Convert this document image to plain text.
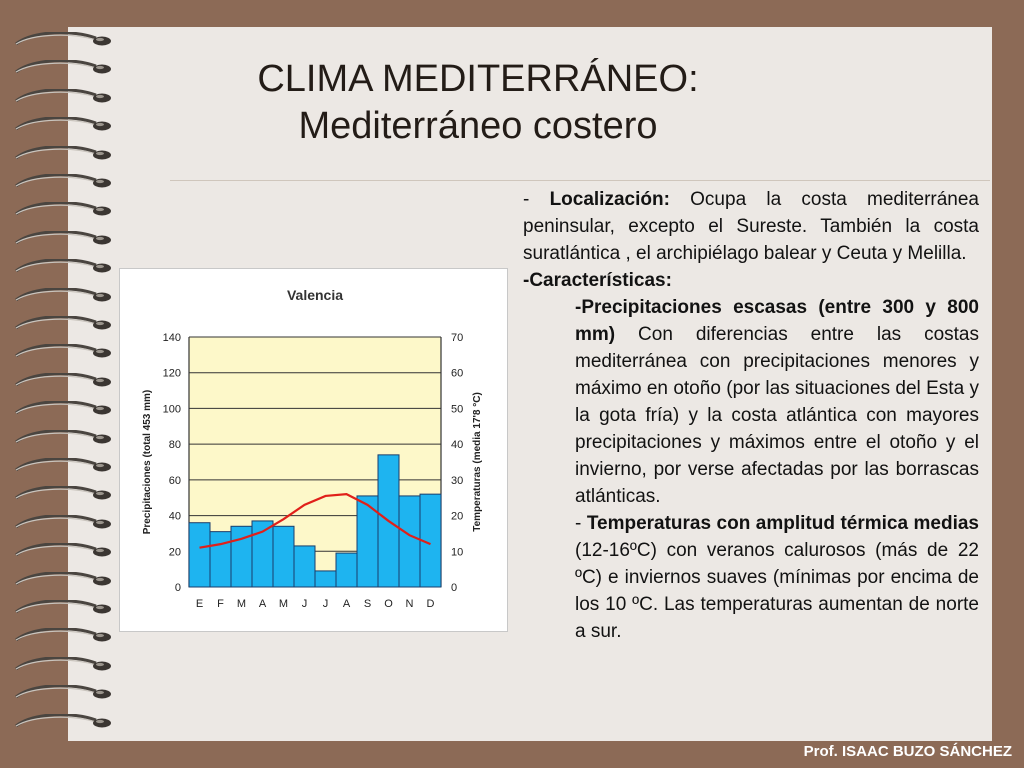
CLIMA MEDITERRÁNEO:
Mediterráneo costero
0
20
40
60
80
100
120
140
0
10
20
30
40
50
60
70
E F M A M J J A S O N D
Valencia
Precipitaciones (total 453 mm)	Temperaturas (media 17'8 °C)

- Localización: Ocupa la costa mediterránea peninsular, excepto el Sureste. También la costa suratlántica , el archipiélago balear y Ceuta y Melilla.

-Características:

-Precipitaciones escasas (entre 300 y 800 mm) Con diferencias entre las costas mediterránea con precipitaciones menores y máximo en otoño (por las situaciones del Esta y la gota fría) y la costa atlántica con mayores precipitaciones y máximos entre el otoño y el invierno, por verse afectadas por las borrascas atlánticas.

- Temperaturas con amplitud térmica medias (12-16ºC) con veranos calurosos (más de 22 ºC) e inviernos suaves (mínimas por encima de los 10 ºC. Las temperaturas aumentan de norte a sur.

Prof. ISAAC BUZO SÁNCHEZ
